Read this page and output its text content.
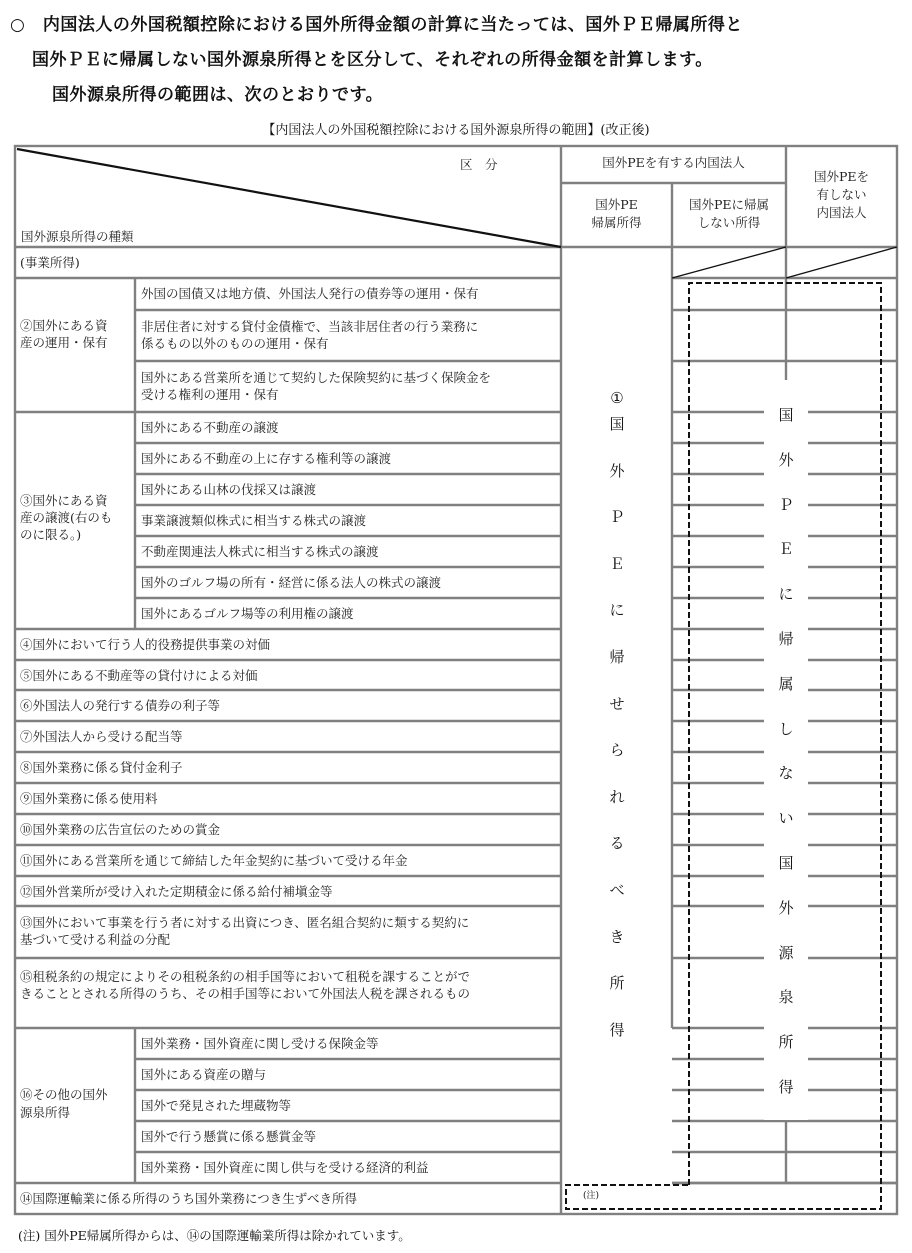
○　内国法人の外国税額控除における国外所得金額の計算に当たっては、国外ＰＥ帰属所得と
国外ＰＥに帰属しない国外源泉所得とを区分して、それぞれの所得金額を計算します。
国外源泉所得の範囲は、次のとおりです。
【内国法人の外国税額控除における国外源泉所得の範囲】(改正後)
区　分
国外源泉所得の種類
国外PEを有する内国法人
国外PE
帰属所得
国外PEに帰属
しない所得
国外PEを
有しない
内国法人
(事業所得)
②国外にある資
産の運用・保有
外国の国債又は地方債、外国法人発行の債券等の運用・保有
非居住者に対する貸付金債権で、当該非居住者の行う業務に
係るもの以外のものの運用・保有
国外にある営業所を通じて契約した保険契約に基づく保険金を
受ける権利の運用・保有
③国外にある資
産の譲渡(右のも
のに限る。)
国外にある不動産の譲渡
国外にある不動産の上に存する権利等の譲渡
国外にある山林の伐採又は譲渡
事業譲渡類似株式に相当する株式の譲渡
不動産関連法人株式に相当する株式の譲渡
国外のゴルフ場の所有・経営に係る法人の株式の譲渡
国外にあるゴルフ場等の利用権の譲渡
④国外において行う人的役務提供事業の対価
⑤国外にある不動産等の貸付けによる対価
⑥外国法人の発行する債券の利子等
⑦外国法人から受ける配当等
⑧国外業務に係る貸付金利子
⑨国外業務に係る使用料
⑩国外業務の広告宣伝のための賞金
⑪国外にある営業所を通じて締結した年金契約に基づいて受ける年金
⑫国外営業所が受け入れた定期積金に係る給付補塡金等
⑬国外において事業を行う者に対する出資につき、匿名組合契約に類する契約に
基づいて受ける利益の分配
⑮租税条約の規定によりその租税条約の相手国等において租税を課することがで
きることとされる所得のうち、その相手国等において外国法人税を課されるもの
⑯その他の国外
源泉所得
国外業務・国外資産に関し受ける保険金等
国外にある資産の贈与
国外で発見された埋蔵物等
国外で行う懸賞に係る懸賞金等
国外業務・国外資産に関し供与を受ける経済的利益
⑭国際運輸業に係る所得のうち国外業務につき生ずべき所得
①
国
外
Ｐ
Ｅ
に
帰
せ
ら
れ
る
べ
き
所
得
国
外
Ｐ
Ｅ
に
帰
属
し
な
い
国
外
源
泉
所
得
(注)
(注) 国外PE帰属所得からは、⑭の国際運輸業所得は除かれています。
